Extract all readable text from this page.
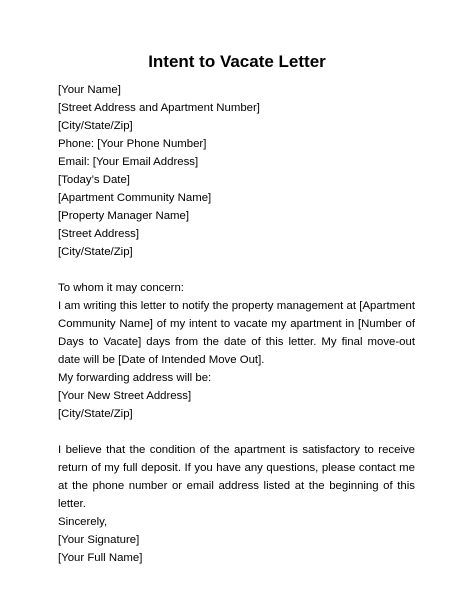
Intent to Vacate Letter
[Your Name]
[Street Address and Apartment Number]
[City/State/Zip]
Phone: [Your Phone Number]
Email: [Your Email Address]
[Today’s Date]
[Apartment Community Name]
[Property Manager Name]
[Street Address]
[City/State/Zip]
To whom it may concern:
I am writing this letter to notify the property management at [Apartment Community Name] of my intent to vacate my apartment in [Number of Days to Vacate] days from the date of this letter. My final move-out date will be [Date of Intended Move Out].
My forwarding address will be:
[Your New Street Address]
[City/State/Zip]
I believe that the condition of the apartment is satisfactory to receive return of my full deposit. If you have any questions, please contact me at the phone number or email address listed at the beginning of this letter.
Sincerely,
[Your Signature]
[Your Full Name]
